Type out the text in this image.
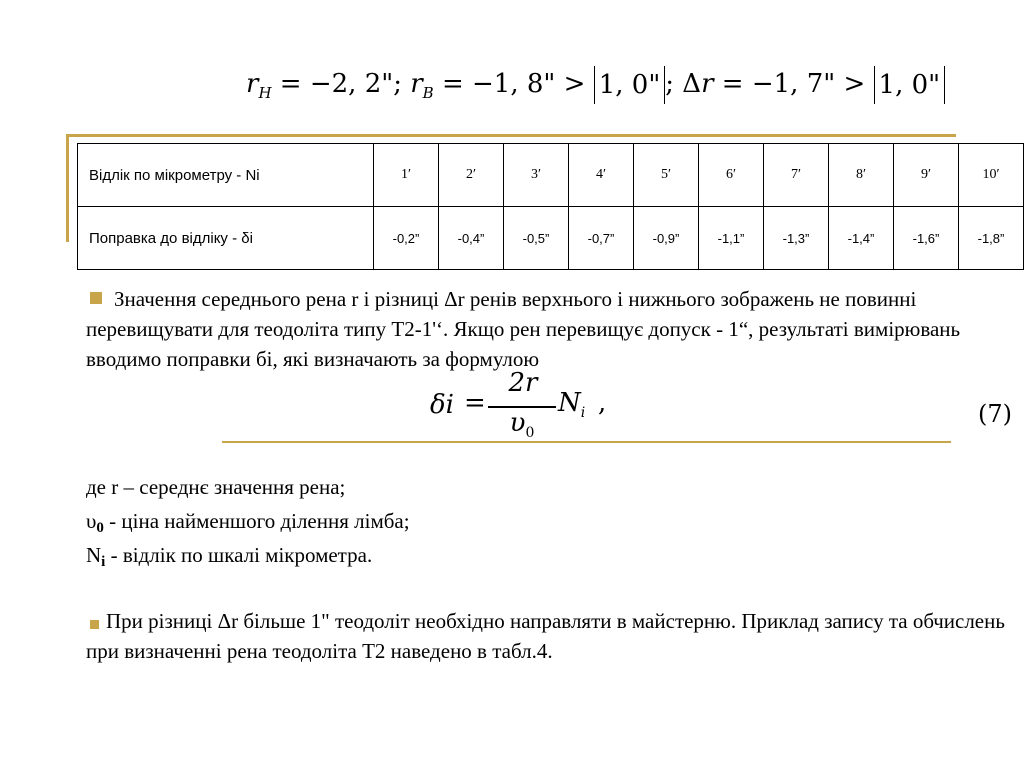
$r_H = -2$, 2"; $r_B = -1$, 8" > 1, 0" ; Δr = −1, 7" > 1, 0"
Відлік по мікрометру - Ni	1′	2′	3′	4′	5′	6′	7′	8′	9′	10′
Поправка до відліку - δi	-0,2”	-0,4”	-0,5”	-0,7”	-0,9”	-1,1”	-1,3”	-1,4”	-1,6”	-1,8”
Значення середнього рена r і різниці Δr ренів верхнього і нижнього зображень не повинні перевищувати для теодоліта типу Т2-1'‘. Якщо рен перевищує допуск - 1“, результаті вимірювань вводимо поправки бі, які визначають за формулою
δi =
2r
$\upsilon_0$
$N_i$ ,	(7)
де r – середнє значення рена;
υ0 - ціна найменшого ділення лімба;
Ni - відлік по шкалі мікрометра.
При різниці Δr більше 1" теодоліт необхідно направляти в майстерню. Приклад запису та обчислень при визначенні рена теодоліта Т2 наведено в табл.4.
